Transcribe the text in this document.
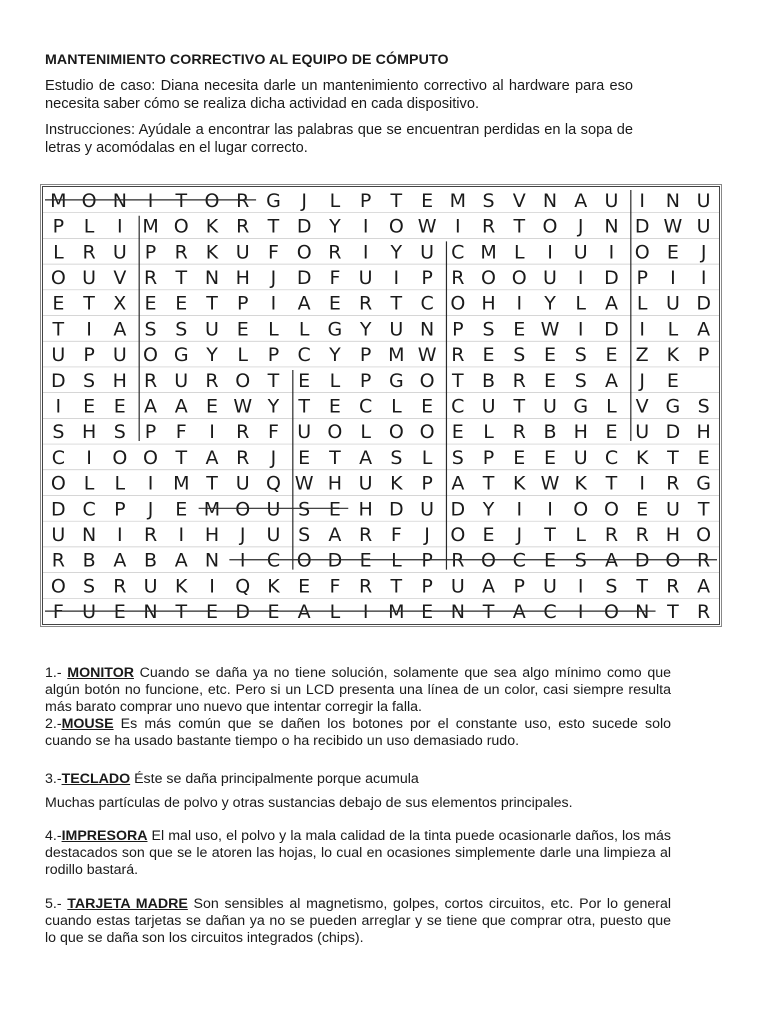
MANTENIMIENTO CORRECTIVO AL EQUIPO DE CÓMPUTO
Estudio de caso: Diana necesita darle un mantenimiento correctivo al hardware para eso necesita saber cómo se realiza dicha actividad en cada dispositivo.
Instrucciones: Ayúdale a encontrar las palabras que se encuentran perdidas en la sopa de letras y acomódalas en el lugar correcto.
M O N I T O R G J L P T E M S V N A U I N U
P L I M O K R T D Y I O W I R T O J N D W U
L R U P R K U F O R I Y U C M L I U I O E J
O U V R T N H J D F U I P R O O U I D P I I
E T X E E T P I A E R T C O H I Y L A L U D
T I A S S U E L L G Y U N P S E W I D I L A
U P U O G Y L P C Y P M W R E S E S E Z K P
D S H R U R O T E L P G O T B R E S A J E
I E E A A E W Y T E C L E C U T U G L V G S
S H S P F I R F U O L O O E L R B H E U D H
C I O O T A R J E T A S L S P E E U C K T E
O L L I M T U Q W H U K P A T K W K T I R G
D C P J E M O U S E H D U D Y I I O O E U T
U N I R I H J U S A R F J O E J T L R R H O
R B A B A N I C O D E L P R O C E S A D O R
O S R U K I Q K E F R T P U A P U I S T R A
F U E N T E D E A L I M E N T A C I O N T R
1.- MONITOR Cuando se daña ya no tiene solución, solamente que sea algo mínimo como que algún botón no funcione, etc. Pero si un LCD presenta una línea de un color, casi siempre resulta más barato comprar uno nuevo que intentar corregir la falla.
2.-MOUSE Es más común que se dañen los botones por el constante uso, esto sucede solo cuando se ha usado bastante tiempo o ha recibido un uso demasiado rudo.
3.-TECLADO Éste se daña principalmente porque acumula
Muchas partículas de polvo y otras sustancias debajo de sus elementos principales.
4.-IMPRESORA El mal uso, el polvo y la mala calidad de la tinta puede ocasionarle daños, los más destacados son que se le atoren las hojas, lo cual en ocasiones simplemente darle una limpieza al rodillo bastará.
5.- TARJETA MADRE Son sensibles al magnetismo, golpes, cortos circuitos, etc. Por lo general cuando estas tarjetas se dañan ya no se pueden arreglar y se tiene que comprar otra, puesto que lo que se daña son los circuitos integrados (chips).
